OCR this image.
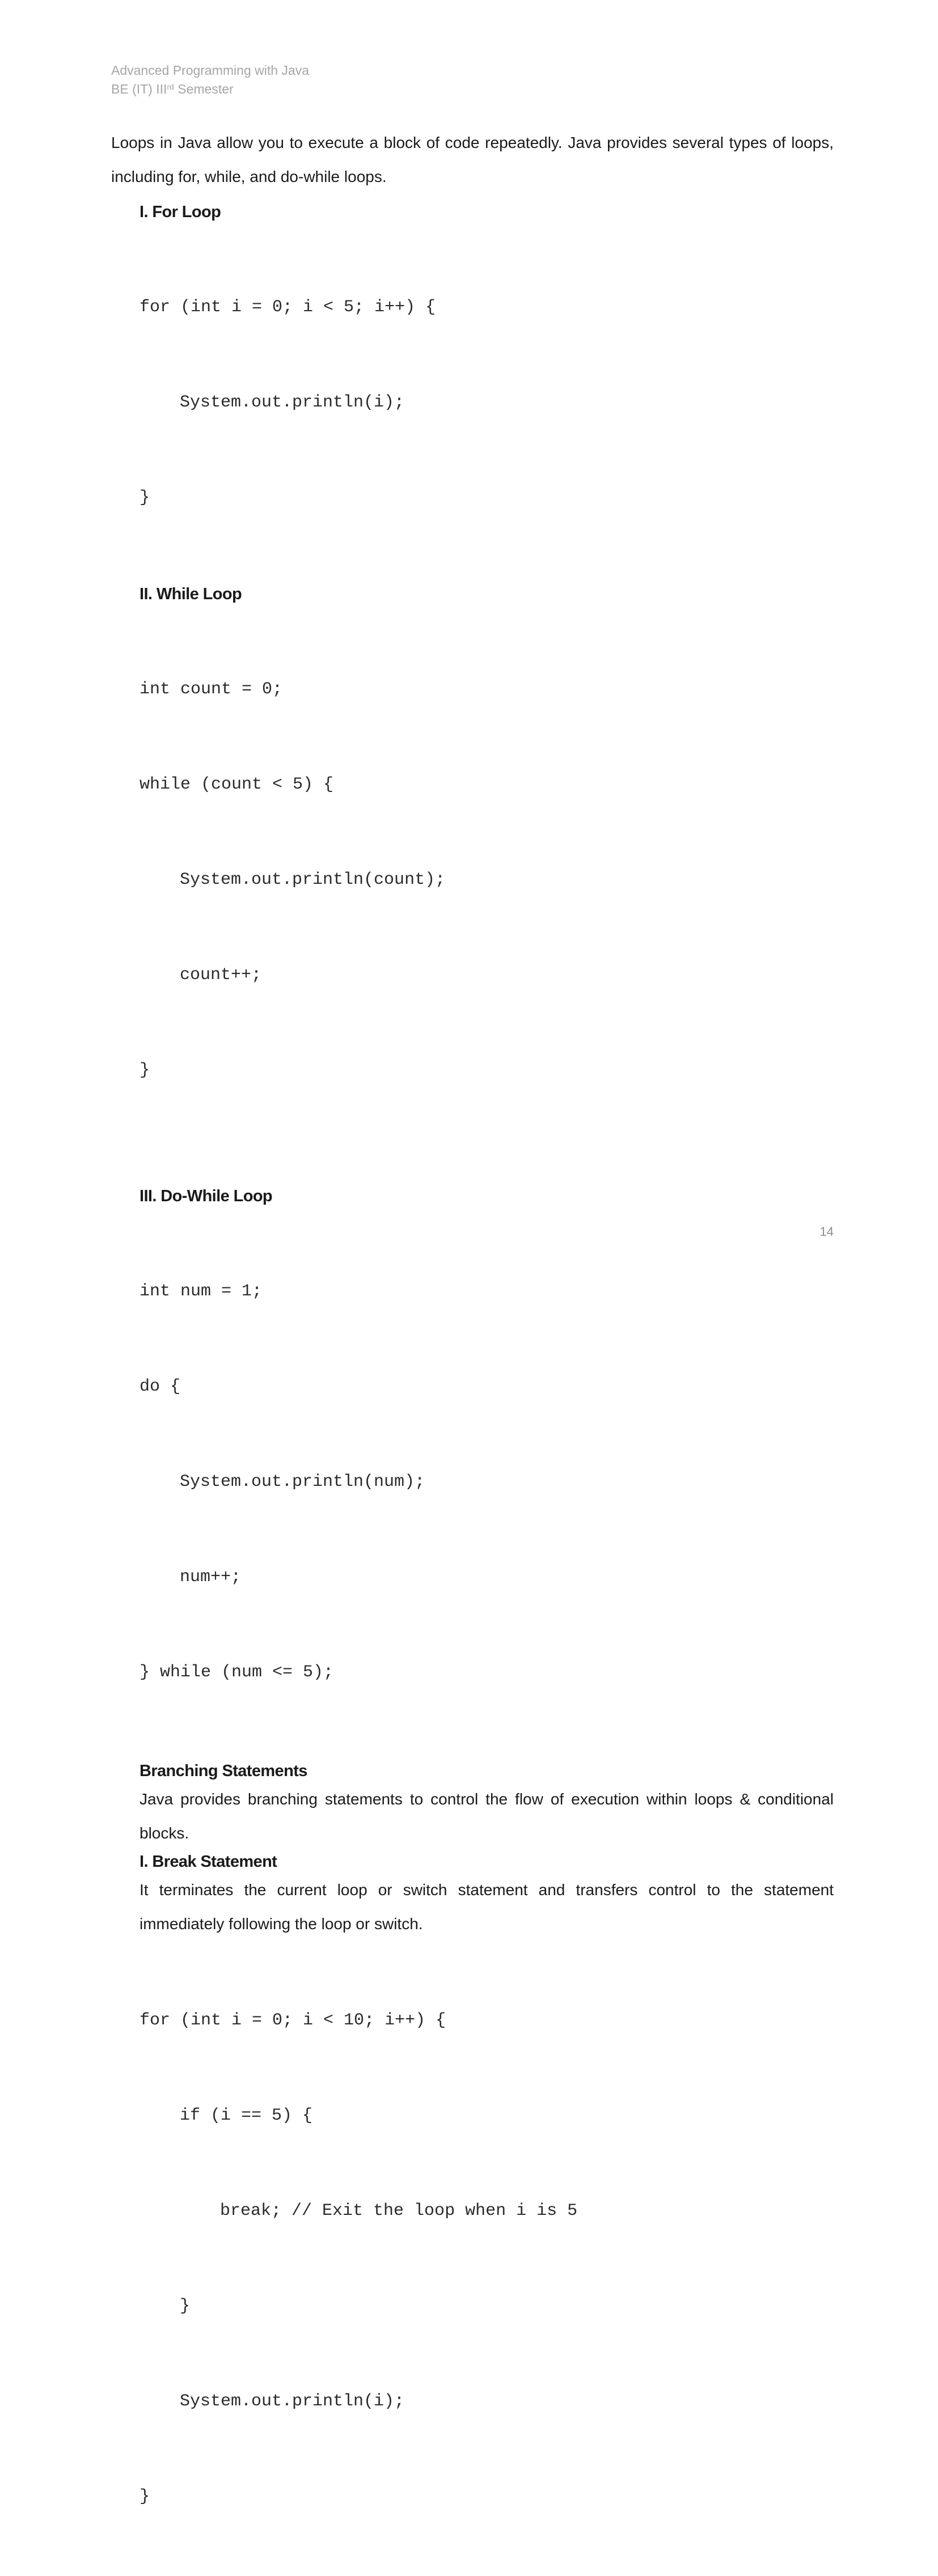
Advanced Programming with Java
BE (IT) IIIrd Semester

Loops in Java allow you to execute a block of code repeatedly. Java provides several types of loops, including for, while, and do-while loops.

I. For Loop

for (int i = 0; i < 5; i++) {

System.out.println(i);

}

II. While Loop

int count = 0;

while (count < 5) {

System.out.println(count);

count++;

}

III. Do-While Loop

int num = 1;

do {

System.out.println(num);

num++;

} while (num <= 5);

Branching Statements

Java provides branching statements to control the flow of execution within loops & conditional blocks.

I. Break Statement

It terminates the current loop or switch statement and transfers control to the statement immediately following the loop or switch.

for (int i = 0; i < 10; i++) {

if (i == 5) {

break; // Exit the loop when i is 5

}

System.out.println(i);

}

14
